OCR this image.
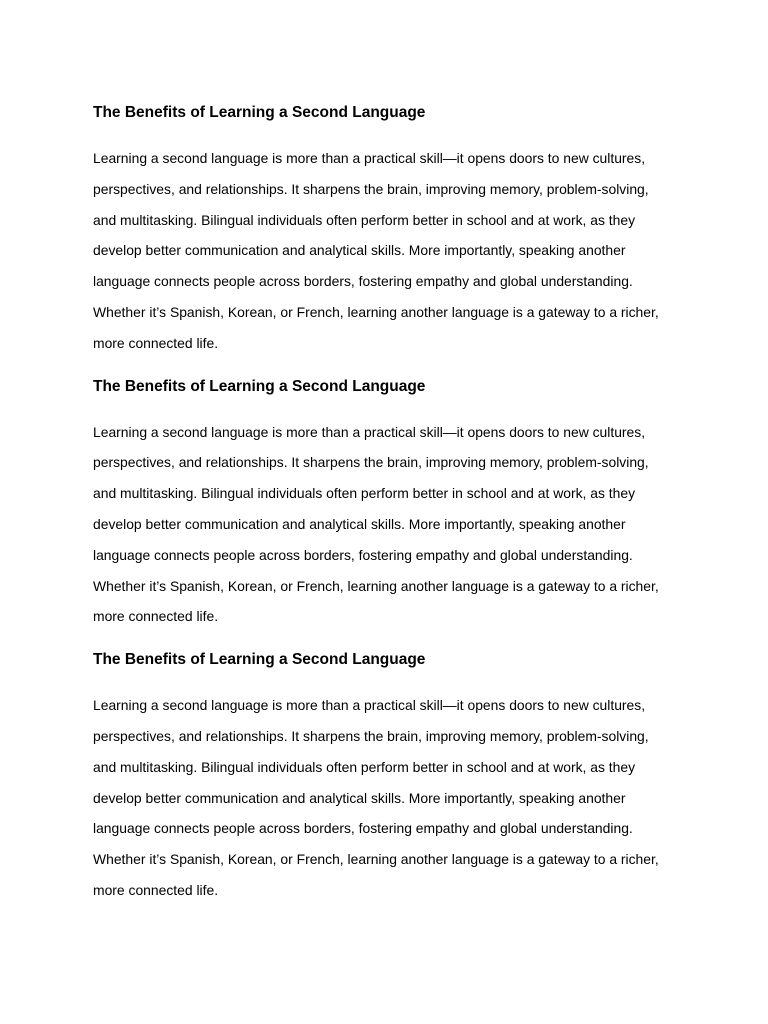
The Benefits of Learning a Second Language

Learning a second language is more than a practical skill—it opens doors to new cultures,
perspectives, and relationships. It sharpens the brain, improving memory, problem-solving,
and multitasking. Bilingual individuals often perform better in school and at work, as they
develop better communication and analytical skills. More importantly, speaking another
language connects people across borders, fostering empathy and global understanding.
Whether it’s Spanish, Korean, or French, learning another language is a gateway to a richer,
more connected life.

The Benefits of Learning a Second Language

Learning a second language is more than a practical skill—it opens doors to new cultures,
perspectives, and relationships. It sharpens the brain, improving memory, problem-solving,
and multitasking. Bilingual individuals often perform better in school and at work, as they
develop better communication and analytical skills. More importantly, speaking another
language connects people across borders, fostering empathy and global understanding.
Whether it’s Spanish, Korean, or French, learning another language is a gateway to a richer,
more connected life.

The Benefits of Learning a Second Language

Learning a second language is more than a practical skill—it opens doors to new cultures,
perspectives, and relationships. It sharpens the brain, improving memory, problem-solving,
and multitasking. Bilingual individuals often perform better in school and at work, as they
develop better communication and analytical skills. More importantly, speaking another
language connects people across borders, fostering empathy and global understanding.
Whether it’s Spanish, Korean, or French, learning another language is a gateway to a richer,
more connected life.
